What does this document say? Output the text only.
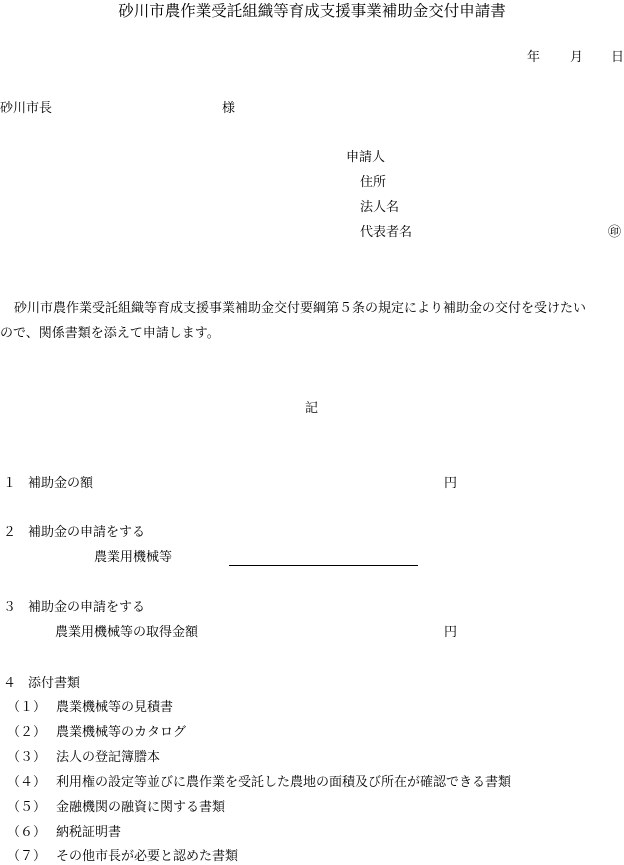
砂川市農作業受託組織等育成支援事業補助金交付申請書
年 月 日
砂川市長	様
申請人
住所
法人名
代表者名	㊞
砂川市農作業受託組織等育成支援事業補助金交付要綱第５条の規定により補助金の交付を受けたい
ので、関係書類を添えて申請します。
記
１ 補助金の額	円
２ 補助金の申請をする
農業用機械等
３ 補助金の申請をする
農業用機械等の取得金額	円
４ 添付書類
（１） 農業機械等の見積書
（２） 農業機械等のカタログ
（３） 法人の登記簿謄本
（４） 利用権の設定等並びに農作業を受託した農地の面積及び所在が確認できる書類
（５） 金融機関の融資に関する書類
（６） 納税証明書
（７） その他市長が必要と認めた書類
